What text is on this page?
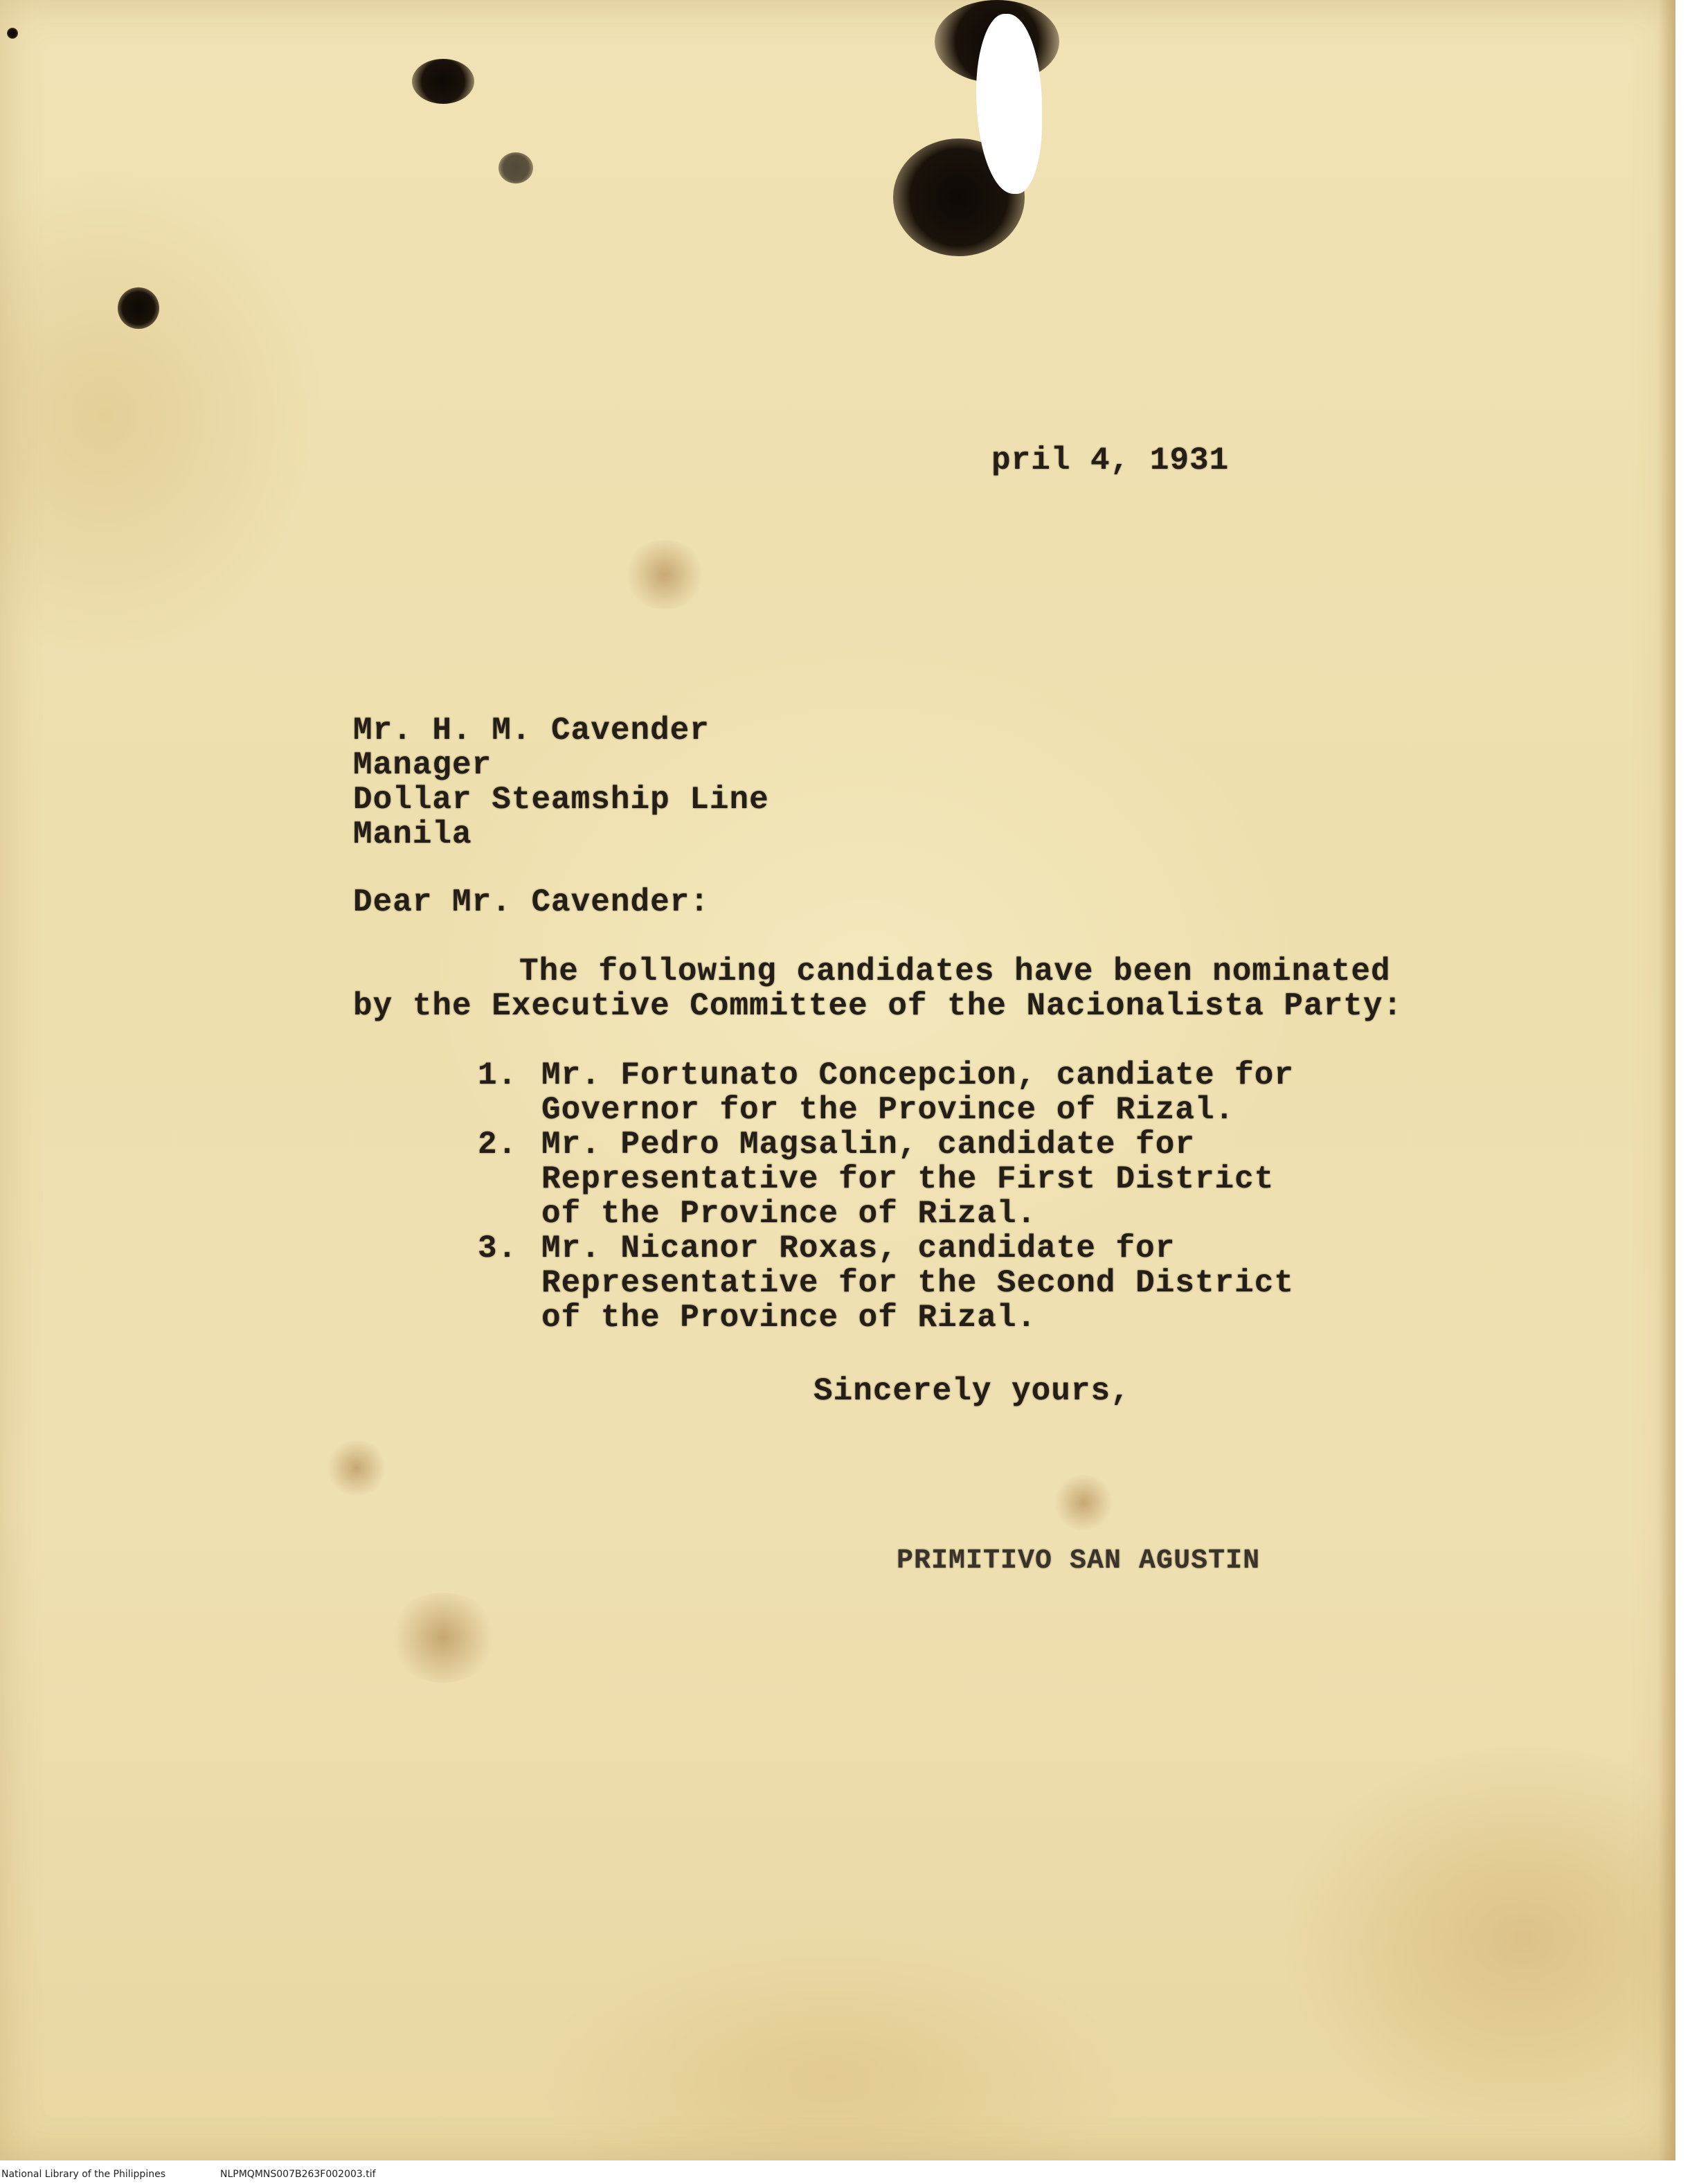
pril 4, 1931
Mr. H. M. Cavender
Manager
Dollar Steamship Line
Manila
Dear Mr. Cavender:
The following candidates have been nominated
by the Executive Committee of the Nacionalista Party:
1. Mr. Fortunato Concepcion, candiate for
Governor for the Province of Rizal.
2. Mr. Pedro Magsalin, candidate for
Representative for the First District
of the Province of Rizal.
3. Mr. Nicanor Roxas, candidate for
Representative for the Second District
of the Province of Rizal.
Sincerely yours,
PRIMITIVO SAN AGUSTIN
National Library of the Philippines	NLPMQMNS007B263F002003.tif
